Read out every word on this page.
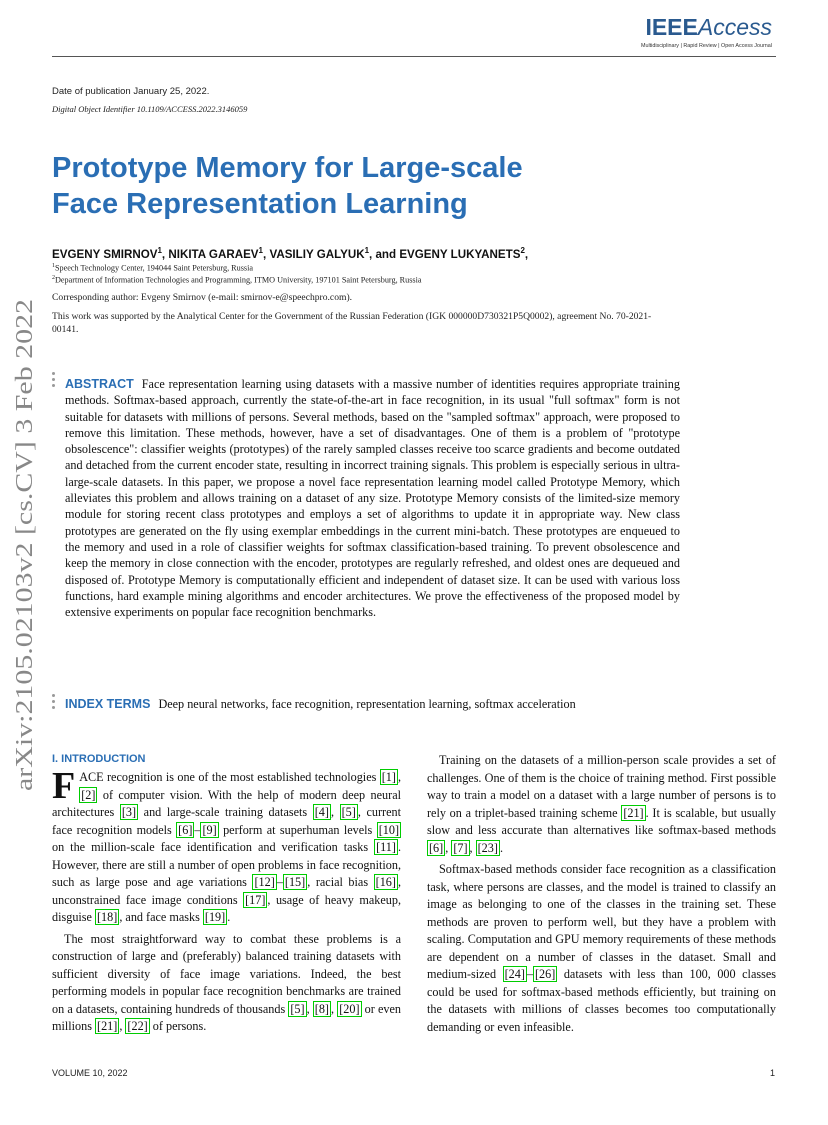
IEEEAccess
Multidisciplinary | Rapid Review | Open Access Journal
Date of publication January 25, 2022.
Digital Object Identifier 10.1109/ACCESS.2022.3146059
Prototype Memory for Large-scale
Face Representation Learning
EVGENY SMIRNOV$^1$, NIKITA GARAEV$^1$, VASILIY GALYUK$^1$, and EVGENY LUKYANETS$^2$,
$^1$Speech Technology Center, 194044 Saint Petersburg, Russia
$^2$Department of Information Technologies and Programming, ITMO University, 197101 Saint Petersburg, Russia
Corresponding author: Evgeny Smirnov (e-mail: smirnov-e@speechpro.com).
This work was supported by the Analytical Center for the Government of the Russian Federation (IGK 000000D730321P5Q0002), agreement No. 70-2021-00141.
arXiv:2105.02103v2 [cs.CV] 3 Feb 2022
ABSTRACT Face representation learning using datasets with a massive number of identities requires appropriate training methods. Softmax-based approach, currently the state-of-the-art in face recognition, in its usual "full softmax" form is not suitable for datasets with millions of persons. Several methods, based on the "sampled softmax" approach, were proposed to remove this limitation. These methods, however, have a set of disadvantages. One of them is a problem of "prototype obsolescence": classifier weights (prototypes) of the rarely sampled classes receive too scarce gradients and become outdated and detached from the current encoder state, resulting in incorrect training signals. This problem is especially serious in ultra-large-scale datasets. In this paper, we propose a novel face representation learning model called Prototype Memory, which alleviates this problem and allows training on a dataset of any size. Prototype Memory consists of the limited-size memory module for storing recent class prototypes and employs a set of algorithms to update it in appropriate way. New class prototypes are generated on the fly using exemplar embeddings in the current mini-batch. These prototypes are enqueued to the memory and used in a role of classifier weights for softmax classification-based training. To prevent obsolescence and keep the memory in close connection with the encoder, prototypes are regularly refreshed, and oldest ones are dequeued and disposed of. Prototype Memory is computationally efficient and independent of dataset size. It can be used with various loss functions, hard example mining algorithms and encoder architectures. We prove the effectiveness of the proposed model by extensive experiments on popular face recognition benchmarks.
INDEX TERMS Deep neural networks, face recognition, representation learning, softmax acceleration
I. INTRODUCTION

FACE recognition is one of the most established technologies [1] , [2] of computer vision. With the help of modern deep neural architectures [3] and large-scale training datasets [4] , [5] , current face recognition models [6] – [9] perform at superhuman levels [10] on the million-scale face identification and verification tasks [11] . However, there are still a number of open problems in face recognition, such as large pose and age variations [12] – [15] , racial bias [16] , unconstrained face image conditions [17] , usage of heavy makeup, disguise [18] , and face masks [19] .

The most straightforward way to combat these problems is a construction of large and (preferably) balanced training datasets with sufficient diversity of face image variations. Indeed, the best performing models in popular face recognition benchmarks are trained on a datasets, containing hundreds of thousands [5] , [8] , [20] or even millions [21] , [22] of persons.

Training on the datasets of a million-person scale provides a set of challenges. One of them is the choice of training method. First possible way to train a model on a dataset with a large number of persons is to rely on a triplet-based training scheme [21] . It is scalable, but usually slow and less accurate than alternatives like softmax-based methods [6] , [7] , [23] .

Softmax-based methods consider face recognition as a classification task, where persons are classes, and the model is trained to classify an image as belonging to one of the classes in the training set. These methods are proven to perform well, but they have a problem with scaling. Computation and GPU memory requirements of these methods are dependent on a number of classes in the dataset. Small and medium-sized [24] – [26] datasets with less than 100, 000 classes could be used for softmax-based methods efficiently, but training on the datasets with millions of classes becomes too computationally demanding or even infeasible.

VOLUME 10, 2022	1
